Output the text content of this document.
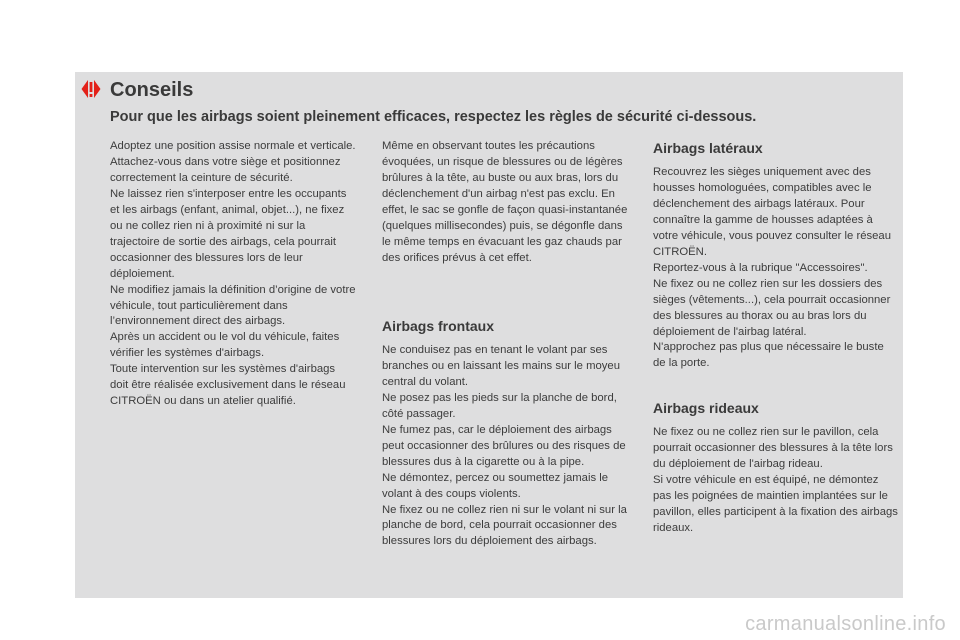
Conseils
Pour que les airbags soient pleinement efficaces, respectez les règles de sécurité ci-dessous.

Adoptez une position assise normale et verticale.

Attachez-vous dans votre siège et positionnez correctement la ceinture de sécurité.

Ne laissez rien s'interposer entre les occupants et les airbags (enfant, animal, objet...), ne fixez ou ne collez rien ni à proximité ni sur la trajectoire de sortie des airbags, cela pourrait occasionner des blessures lors de leur déploiement.

Ne modifiez jamais la définition d’origine de votre véhicule, tout particulièrement dans l’environnement direct des airbags.

Après un accident ou le vol du véhicule, faites vérifier les systèmes d'airbags.

Toute intervention sur les systèmes d'airbags doit être réalisée exclusivement dans le réseau CITROËN ou dans un atelier qualifié.

Même en observant toutes les précautions évoquées, un risque de blessures ou de légères brûlures à la tête, au buste ou aux bras, lors du déclenchement d'un airbag n'est pas exclu. En effet, le sac se gonfle de façon quasi-instantanée (quelques millisecondes) puis, se dégonfle dans le même temps en évacuant les gaz chauds par des orifices prévus à cet effet.

Airbags frontaux

Ne conduisez pas en tenant le volant par ses branches ou en laissant les mains sur le moyeu central du volant.

Ne posez pas les pieds sur la planche de bord, côté passager.

Ne fumez pas, car le déploiement des airbags peut occasionner des brûlures ou des risques de blessures dus à la cigarette ou à la pipe.

Ne démontez, percez ou soumettez jamais le volant à des coups violents.

Ne fixez ou ne collez rien ni sur le volant ni sur la planche de bord, cela pourrait occasionner des blessures lors du déploiement des airbags.

Airbags latéraux

Recouvrez les sièges uniquement avec des housses homologuées, compatibles avec le déclenchement des airbags latéraux. Pour connaître la gamme de housses adaptées à votre véhicule, vous pouvez consulter le réseau CITROËN.

Reportez-vous à la rubrique "Accessoires".

Ne fixez ou ne collez rien sur les dossiers des sièges (vêtements...), cela pourrait occasionner des blessures au thorax ou au bras lors du déploiement de l'airbag latéral.

N'approchez pas plus que nécessaire le buste de la porte.

Airbags rideaux

Ne fixez ou ne collez rien sur le pavillon, cela pourrait occasionner des blessures à la tête lors du déploiement de l'airbag rideau.

Si votre véhicule en est équipé, ne démontez pas les poignées de maintien implantées sur le pavillon, elles participent à la fixation des airbags rideaux.

carmanualsonline.info
